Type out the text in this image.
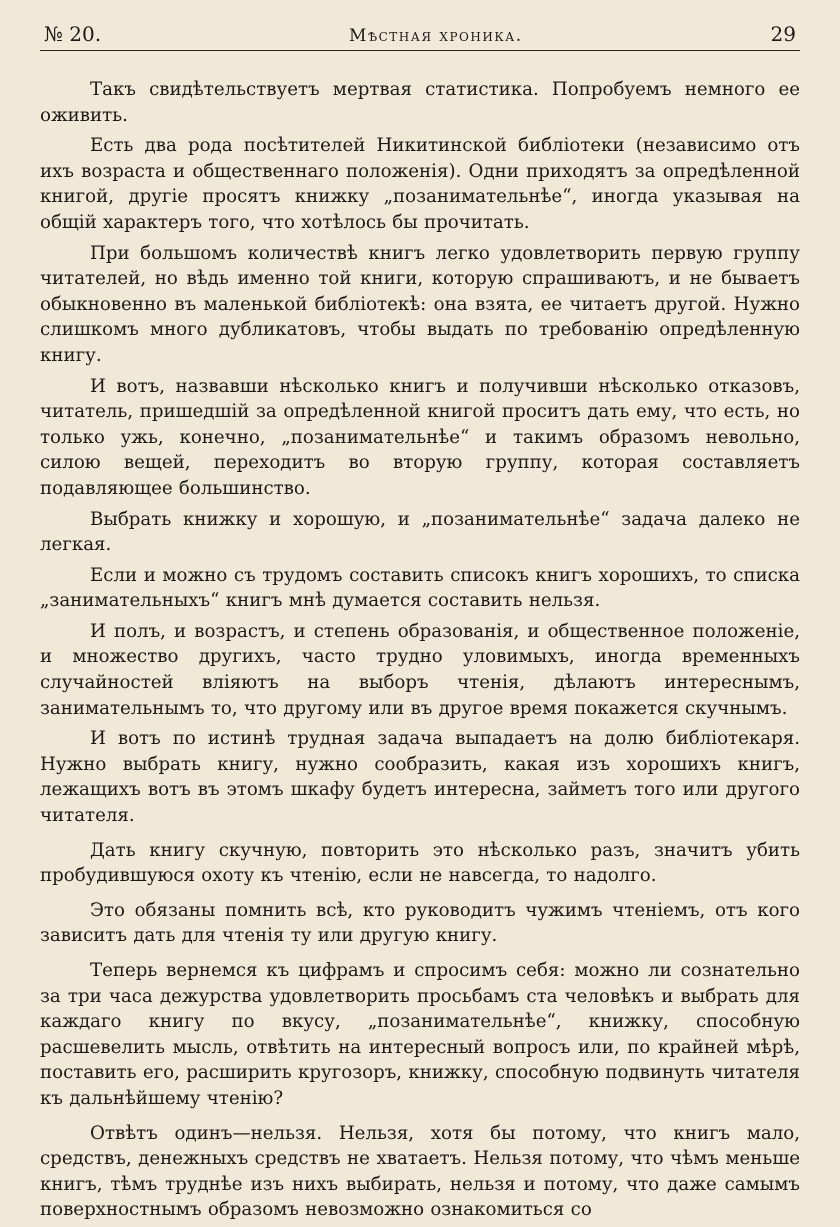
№ 20.	Мѣстная хроника.	29

Такъ свидѣтельствуетъ мертвая статистика. Попробуемъ немного ее оживить.

Есть два рода посѣтителей Никитинской библіотеки (независимо отъ ихъ возраста и общественнаго положенія). Одни приходятъ за опредѣленной книгой, другіе просятъ книжку „позанимательнѣе“, иногда указывая на общій характеръ того, что хотѣлось бы прочитать.

При большомъ количествѣ книгъ легко удовлетворить первую группу читателей, но вѣдь именно той книги, которую спрашиваютъ, и не бываетъ обыкновенно въ маленькой библіотекѣ: она взята, ее читаетъ другой. Нужно слишкомъ много дубликатовъ, чтобы выдать по требованію опредѣленную книгу.

И вотъ, назвавши нѣсколько книгъ и получивши нѣсколько отказовъ, читатель, пришедшій за опредѣленной книгой проситъ дать ему, что есть, но только ужь, конечно, „позанимательнѣе“ и такимъ образомъ невольно, силою вещей, переходитъ во вторую группу, которая составляетъ подавляющее большинство.

Выбрать книжку и хорошую, и „позанимательнѣе“ задача далеко не легкая.

Если и можно съ трудомъ составить списокъ книгъ хорошихъ, то списка „занимательныхъ“ книгъ мнѣ думается составить нельзя.

И полъ, и возрастъ, и степень образованія, и общественное положеніе, и множество другихъ, часто трудно уловимыхъ, иногда временныхъ случайностей вліяютъ на выборъ чтенія, дѣлаютъ интереснымъ, занимательнымъ то, что другому или въ другое время покажется скучнымъ.

И вотъ по истинѣ трудная задача выпадаетъ на долю библіотекаря. Нужно выбрать книгу, нужно сообразить, какая изъ хорошихъ книгъ, лежащихъ вотъ въ этомъ шкафу будетъ интересна, займетъ того или другого читателя.

Дать книгу скучную, повторить это нѣсколько разъ, значитъ убить пробудившуюся охоту къ чтенію, если не навсегда, то надолго.

Это обязаны помнить всѣ, кто руководитъ чужимъ чтеніемъ, отъ кого зависитъ дать для чтенія ту или другую книгу.

Теперь вернемся къ цифрамъ и спросимъ себя: можно ли сознательно за три часа дежурства удовлетворить просьбамъ ста человѣкъ и выбрать для каждаго книгу по вкусу, „позанимательнѣе“, книжку, способную расшевелить мысль, отвѣтить на интересный вопросъ или, по крайней мѣрѣ, поставить его, расширить кругозоръ, книжку, способную подвинуть читателя къ дальнѣйшему чтенію?

Отвѣтъ одинъ—нельзя. Нельзя, хотя бы потому, что книгъ мало, средствъ, денежныхъ средствъ не хватаетъ. Нельзя потому, что чѣмъ меньше книгъ, тѣмъ труднѣе изъ нихъ выбирать, нельзя и потому, что даже самымъ поверхностнымъ образомъ невозможно ознакомиться со
